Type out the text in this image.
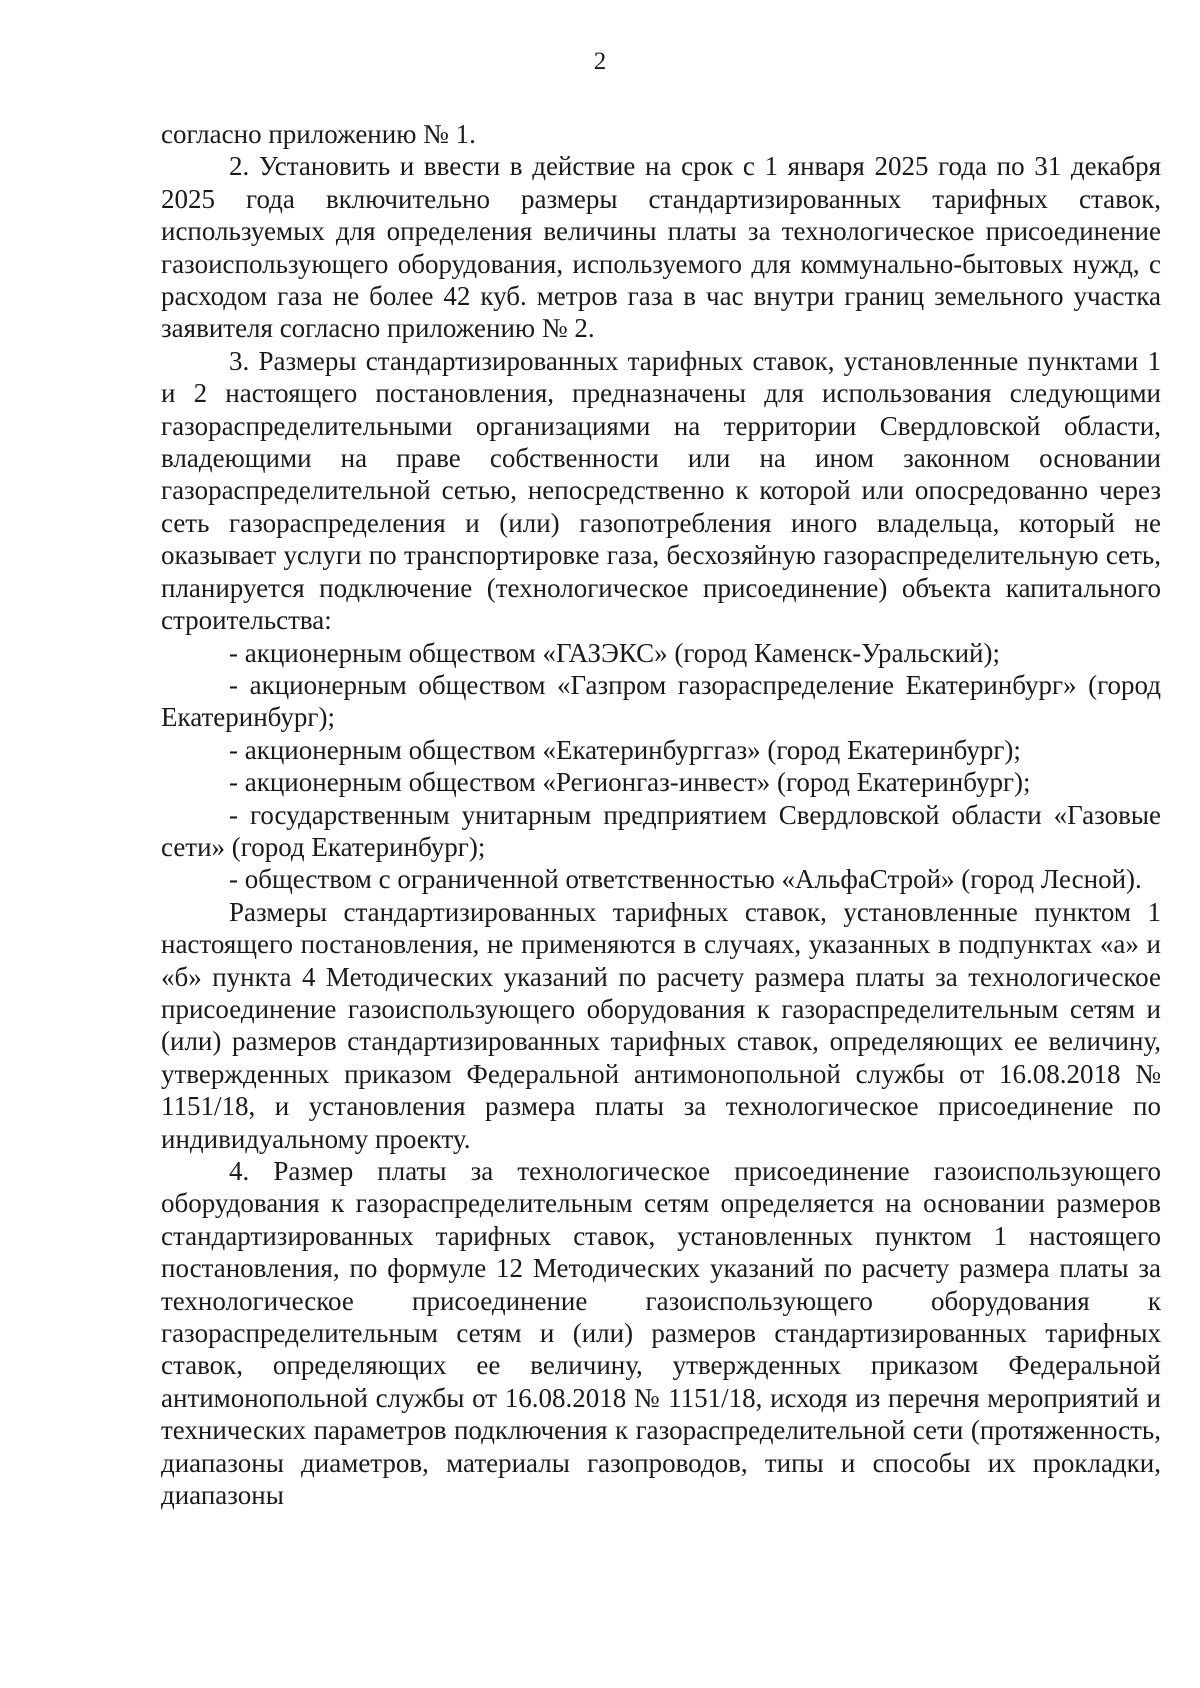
2

согласно приложению № 1.

2. Установить и ввести в действие на срок с 1 января 2025 года по 31 декабря 2025 года включительно размеры стандартизированных тарифных ставок, используемых для определения величины платы за технологическое присоединение газоиспользующего оборудования, используемого для коммунально-бытовых нужд, с расходом газа не более 42 куб. метров газа в час внутри границ земельного участка заявителя согласно приложению № 2.

3. Размеры стандартизированных тарифных ставок, установленные пунктами 1 и 2 настоящего постановления, предназначены для использования следующими газораспределительными организациями на территории Свердловской области, владеющими на праве собственности или на ином законном основании газораспределительной сетью, непосредственно к которой или опосредованно через сеть газораспределения и (или) газопотребления иного владельца, который не оказывает услуги по транспортировке газа, бесхозяйную газораспределительную сеть, планируется подключение (технологическое присоединение) объекта капитального строительства:

- акционерным обществом «ГАЗЭКС» (город Каменск-Уральский);

- акционерным обществом «Газпром газораспределение Екатеринбург» (город Екатеринбург);

- акционерным обществом «Екатеринбурггаз» (город Екатеринбург);

- акционерным обществом «Регионгаз-инвест» (город Екатеринбург);

- государственным унитарным предприятием Свердловской области «Газовые сети» (город Екатеринбург);

- обществом с ограниченной ответственностью «АльфаСтрой» (город Лесной).

Размеры стандартизированных тарифных ставок, установленные пунктом 1 настоящего постановления, не применяются в случаях, указанных в подпунктах «а» и «б» пункта 4 Методических указаний по расчету размера платы за технологическое присоединение газоиспользующего оборудования к газораспределительным сетям и (или) размеров стандартизированных тарифных ставок, определяющих ее величину, утвержденных приказом Федеральной антимонопольной службы от 16.08.2018 № 1151/18, и установления размера платы за технологическое присоединение по индивидуальному проекту.

4. Размер платы за технологическое присоединение газоиспользующего оборудования к газораспределительным сетям определяется на основании размеров стандартизированных тарифных ставок, установленных пунктом 1 настоящего постановления, по формуле 12 Методических указаний по расчету размера платы за технологическое присоединение газоиспользующего оборудования к газораспределительным сетям и (или) размеров стандартизированных тарифных ставок, определяющих ее величину, утвержденных приказом Федеральной антимонопольной службы от 16.08.2018 № 1151/18, исходя из перечня мероприятий и технических параметров подключения к газораспределительной сети (протяженность, диапазоны диаметров, материалы газопроводов, типы и способы их прокладки, диапазоны
